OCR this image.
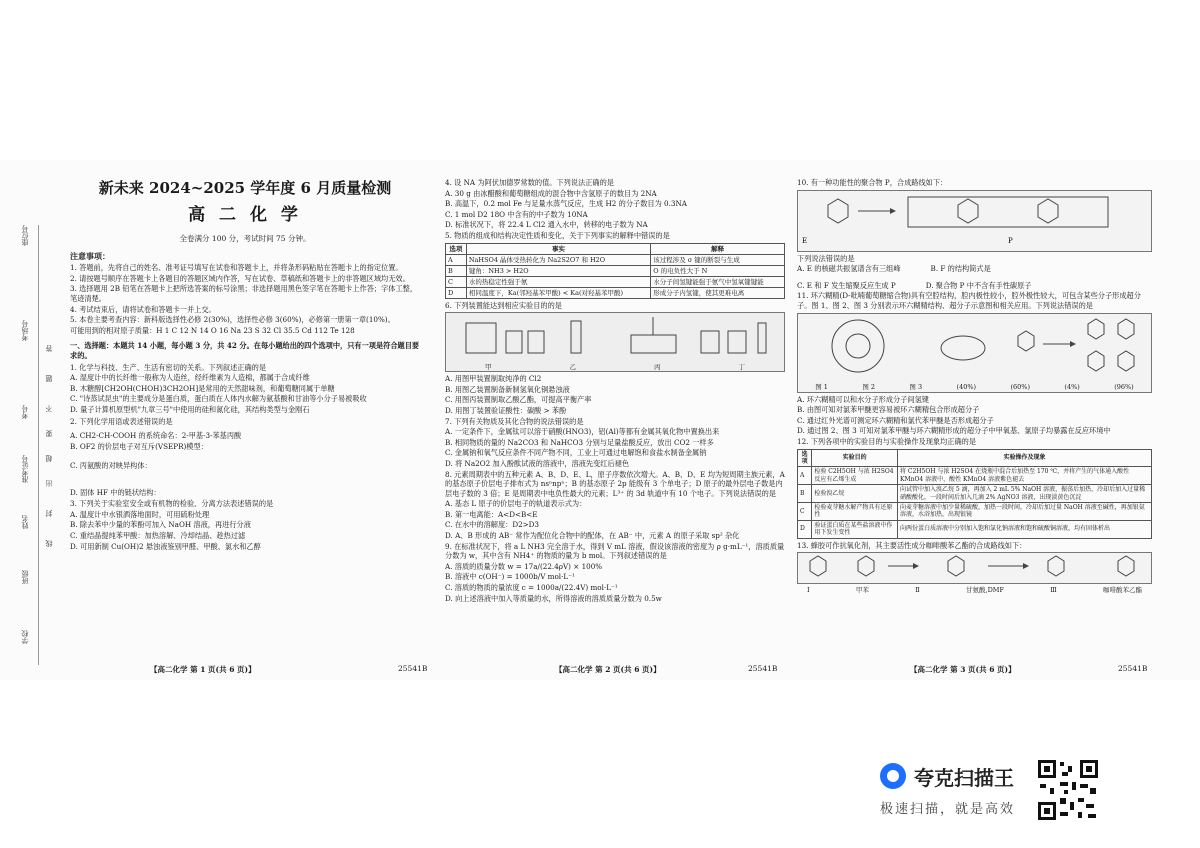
座位号
考场号
考号
准考证号
姓名
班级
学校
答
题
不
要
超
出
封
线
新未来 2024~2025 学年度 6 月质量检测
高 二 化 学
全卷满分 100 分，考试时间 75 分钟。
注意事项：
1. 答题前，先将自己的姓名、准考证号填写在试卷和答题卡上，并将条形码粘贴在答题卡上的指定位置。
2. 请按题号顺序在答题卡上各题目的答题区域内作答，写在试卷、草稿纸和答题卡上的非答题区域均无效。
3. 选择题用 2B 铅笔在答题卡上把所选答案的标号涂黑；非选择题用黑色签字笔在答题卡上作答；字体工整，笔迹清楚。
4. 考试结束后，请将试卷和答题卡一并上交。
5. 本卷主要考查内容：新科版选择性必修 2(30%)，选择性必修 3(60%)，必修第一册第一章(10%)。
可能用到的相对原子质量：H 1 C 12 N 14 O 16 Na 23 S 32 Cl 35.5 Cd 112 Te 128
一、选择题：本题共 14 小题，每小题 3 分，共 42 分。在每小题给出的四个选项中，只有一项是符合题目要求的。
1. 化学与科技、生产、生活有密切的关系。下列叙述正确的是
A. 湿度计中的长纤维一般称为人造丝，经纤维素为人造棉，都属于合成纤维
B. 木糖醇[CH2OH(CHOH)3CH2OH]是常用的天然甜味剂，和葡萄糖同属于单糖
C. "诗蒸试昆虫"的主要成分是蛋白质，蛋白质在人体内水解为氨基酸和甘油等小分子易被吸收
D. 量子计算机原型机"九章三号"中使用的硅和氮化硅，其结构类型与金刚石
2. 下列化学用语或表述错误的是
A. CH2-CH-COOH 的系统命名：2-甲基-3-苯基丙酸
B. OF2 的价层电子对互斥(VSEPR)模型：
C. 丙氨酸的对映异构体：
D. 固体 HF 中的链状结构：
3. 下列关于实验室安全或有机物的检验、分离方法表述错误的是
A. 温度计中水银洒落地面时，可用硫粉处理
B. 除去苯中少量的苯酚可加入 NaOH 溶液，再进行分液
C. 重结晶提纯苯甲酸：加热溶解、冷却结晶、趁热过滤
D. 可用新制 Cu(OH)2 悬浊液鉴别甲醛、甲酸、氯水和乙醇
4. 设 NA 为阿伏加德罗常数的值。下列说法正确的是
A. 30 g 由冰醋酸和葡萄糖组成的混合物中含氢原子的数目为 2NA
B. 高温下，0.2 mol Fe 与足量水蒸气反应，生成 H2 的分子数目为 0.3NA
C. 1 mol D2 18O 中含有的中子数为 10NA
D. 标准状况下，将 22.4 L Cl2 通入水中，转移的电子数为 NA
5. 物质的组成和结构决定性质和变化，关于下列事实的解释中错误的是
选项	事实	解释
A	NaHSO4 晶体受热转化为 Na2S2O7 和 H2O	该过程涉及 σ 键的断裂与生成
B	键角：NH3 > H2O	O 的电负性大于 N
C	水的热稳定性强于氨	水分子间氢键能强于氨气中氢氧键键能
D	相同温度下，Ka(邻羟基苯甲酸) < Ka(对羟基苯甲酸)	形成分子内氢键，使其更难电离
6. 下列装置能达到相应实验目的的是
甲	乙	丙	丁
A. 用图甲装置制取纯净的 Cl2
B. 用图乙装置制备新制氢氧化铜悬浊液
C. 用图丙装置制取乙酸乙酯，可提高平衡产率
D. 用图丁装置验证酸性：碳酸 > 苯酚
7. 下列有关物质及其化合物的说法错误的是
A. 一定条件下，金属钛可以溶于硝酸(HNO3)，铝(Al)等都有金属其氧化物中置换出来
B. 相同物质的量的 Na2CO3 和 NaHCO3 分别与足量盐酸反应，放出 CO2 一样多
C. 金属钠和氧气反应条件不同产物不同，工业上可通过电解饱和食盐水制备金属钠
D. 将 Na2O2 加入酚酞试液的溶液中，溶液先变红后褪色
8. 元素周期表中的五种元素 A、B、D、E、L，原子序数依次增大。A、B、D、E 均为短周期主族元素，A 的基态原子价层电子排布式为 nsⁿnpⁿ；B 的基态原子 2p 能级有 3 个单电子；D 原子的最外层电子数是内层电子数的 3 倍；E 是周期表中电负性最大的元素；L³⁺ 的 3d 轨道中有 10 个电子。下列说法错误的是
A. 基态 L 原子的价层电子的轨道表示式为：
B. 第一电离能：A<D<B<E
C. 在水中的溶解度：D2>D3
D. A、B 形成的 AB⁻ 常作为配位化合物中的配体，在 AB⁻ 中，元素 A 的原子采取 sp² 杂化
9. 在标准状况下，将 a L NH3 完全溶于水，得到 V mL 溶液，假设该溶液的密度为 ρ g·mL⁻¹，溶质质量分数为 w，其中含有 NH4⁺ 的物质的量为 b mol。下列叙述错误的是
A. 溶质的质量分数 w = 17a/(22.4ρV) × 100%
B. 溶液中 c(OH⁻) = 1000b/V mol·L⁻¹
C. 溶质的物质的量浓度 c = 1000a/(22.4V) mol·L⁻¹
D. 向上述溶液中加入等质量的水，所得溶液的溶质质量分数为 0.5w
10. 有一种功能性的聚合物 P，合成路线如下：
E	P
下列说法错误的是
A. E 的核磁共振氢谱含有三组峰	B. F 的结构简式是
C. E 和 F 发生缩聚反应生成 P	D. 聚合物 P 中不含有手性碳原子
11. 环六糊精(D-吡喃葡萄糖缩合物)具有空腔结构，腔内极性较小，腔外极性较大，可包含某些分子形成超分子。图 1、图 2、图 3 分别表示环六糊精结构、超分子示意图和相关应用。下列说法错误的是
图 1	图 2	图 3	(40%)	(60%)	(4%)	(96%)
A. 环六糊精可以和水分子形成分子间氢键
B. 由图可知对氯苯甲醚更容易被环六糊精包合形成超分子
C. 通过红外光谱可测定环六糊精和氯代苯甲醚是否形成超分子
D. 通过图 2、图 3 可知对氯苯甲醚与环六糊精形成的超分子中甲氧基、氯原子均暴露在反应环境中
12. 下列各项中的实验目的与实验操作及现象均正确的是
选项	实验目的	实验操作及现象
A	检验 C2H5OH 与浓 H2SO4 反应有乙烯生成	将 C2H5OH 与浓 H2SO4 在烧瓶中混合后加热至 170 ℃，并将产生的气体通入酸性 KMnO4 溶液中，酸性 KMnO4 溶液紫色褪去
B	检验溴乙烷	向试管中加入溴乙烷 5 滴，再加入 2 mL 5% NaOH 溶液，振荡后加热，冷却后加入过量稀硝酸酸化，一段时间后加入几滴 2% AgNO3 溶液，出现淡黄色沉淀
C	检验麦芽糖水解产物具有还原性	向麦芽糖溶液中加少量稀硫酸，加热一段时间，冷却后加过量 NaOH 溶液至碱性，再加银氨溶液，水浴加热，出现银镜
D	验证蛋白质在某些盐溶液中作用下发生变性	向两份蛋白质溶液中分别加入饱和氯化钠溶液和饱和硫酸铜溶液，均有固体析出
13. 蜂胶可作抗氧化剂，其主要活性成分咖啡酸苯乙酯的合成路线如下：
Ⅰ	甲苯	Ⅱ	甘氨酸,DMF	Ⅲ	咖啡酸苯乙酯
【高二化学 第 1 页(共 6 页)】	25541B	【高二化学 第 2 页(共 6 页)】	25541B	【高二化学 第 3 页(共 6 页)】	25541B
夸克扫描王
极速扫描，就是高效
